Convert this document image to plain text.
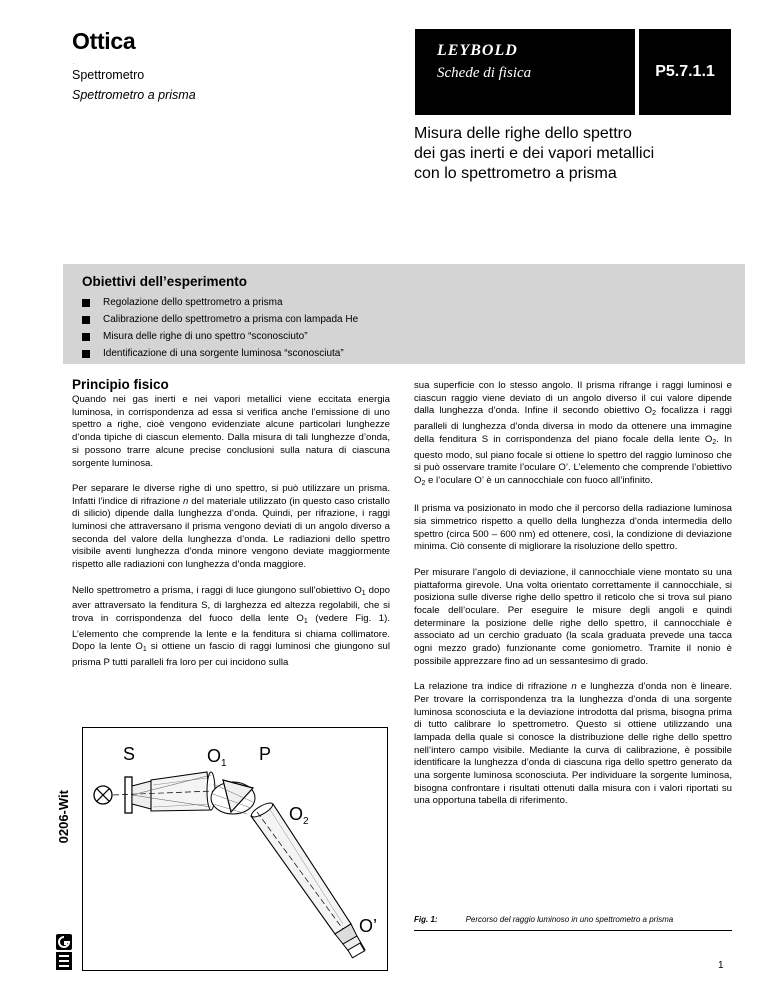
Ottica
.
Spettrometro
Spettrometro a prisma
LEYBOLD
Schede di fisica	P5.7.1.1
Misura delle righe dello spettro
dei gas inerti e dei vapori metallici
con lo spettrometro a prisma
Obiettivi dell’esperimento
Regolazione dello spettrometro a prisma
Calibrazione dello spettrometro a prisma con lampada He
Misura delle righe di uno spettro “sconosciuto”
Identificazione di una sorgente luminosa “sconosciuta”
Principio fisico

Quando nei gas inerti e nei vapori metallici viene eccitata energia luminosa, in corrispondenza ad essa si verifica anche l’emissione di uno spettro a righe, cioè vengono evidenziate alcune particolari lunghezze d’onda tipiche di ciascun elemento. Dalla misura di tali lunghezze d’onda, si possono trarre alcune precise conclusioni sulla natura di ciascuna sorgente luminosa.

Per separare le diverse righe di uno spettro, si può utilizzare un prisma. Infatti l’indice di rifrazione n del materiale utilizzato (in questo caso cristallo di silicio) dipende dalla lunghezza d’onda. Quindi, per rifrazione, i raggi luminosi che attraversano il prisma vengono deviati di un angolo diverso a seconda del valore della lunghezza d’onda. Le radiazioni dello spettro visibile aventi lunghezza d’onda minore vengono deviate maggiormente rispetto alle radiazioni con lunghezza d’onda maggiore.

Nello spettrometro a prisma, i raggi di luce giungono sull’obiettivo $O_1$ dopo aver attraversato la fenditura S, di larghezza ed altezza regolabili, che si trova in corrispondenza del fuoco della lente $O_1$ (vedere Fig. 1). L’elemento che comprende la lente e la fenditura si chiama collimatore. Dopo la lente $O_1$ si ottiene un fascio di raggi luminosi che giungono sul prisma P tutti paralleli fra loro per cui incidono sulla

sua superficie con lo stesso angolo. Il prisma rifrange i raggi luminosi e ciascun raggio viene deviato di un angolo diverso il cui valore dipende dalla lunghezza d’onda. Infine il secondo obiettivo $O_2$ focalizza i raggi paralleli di lunghezza d’onda diversa in modo da ottenere una immagine della fenditura S in corrispondenza del piano focale della lente $O_2$. In questo modo, sul piano focale si ottiene lo spettro del raggio luminoso che si può osservare tramite l’oculare O’. L’elemento che comprende l’obiettivo $O_2$ e l’oculare O’ è un cannocchiale con fuoco all’infinito.

Il prisma va posizionato in modo che il percorso della radiazione luminosa sia simmetrico rispetto a quello della lunghezza d’onda intermedia dello spettro (circa 500 – 600 nm) ed ottenere, così, la condizione di deviazione minima. Ciò consente di migliorare la risoluzione dello spettro.

Per misurare l’angolo di deviazione, il cannocchiale viene montato su una piattaforma girevole. Una volta orientato correttamente il cannocchiale, si posiziona sulle diverse righe dello spettro il reticolo che si trova sul piano focale dell’oculare. Per eseguire le misure degli angoli e quindi determinare la posizione delle righe dello spettro, il cannocchiale è associato ad un cerchio graduato (la scala graduata prevede una tacca ogni mezzo grado) funzionante come goniometro. Tramite il nonio è possibile apprezzare fino ad un sessantesimo di grado.

La relazione tra indice di rifrazione n e lunghezza d’onda non è lineare. Per trovare la corrispondenza tra la lunghezza d’onda di una sorgente luminosa sconosciuta e la deviazione introdotta dal prisma, bisogna prima di tutto calibrare lo spettrometro. Questo si ottiene utilizzando una lampada della quale si conosce la distribuzione delle righe dello spettro nell’intero campo visibile. Mediante la curva di calibrazione, è possibile identificare la lunghezza d’onda di ciascuna riga dello spettro generato da una sorgente luminosa sconosciuta. Per individuare la sorgente luminosa, bisogna confrontare i risultati ottenuti dalla misura con i valori riportati su una opportuna tabella di riferimento.

S	$O_1$ P
$O_2$
O’	Fig. 1:	Percorso del raggio luminoso in uno spettrometro a prisma
1
0206-Wit
